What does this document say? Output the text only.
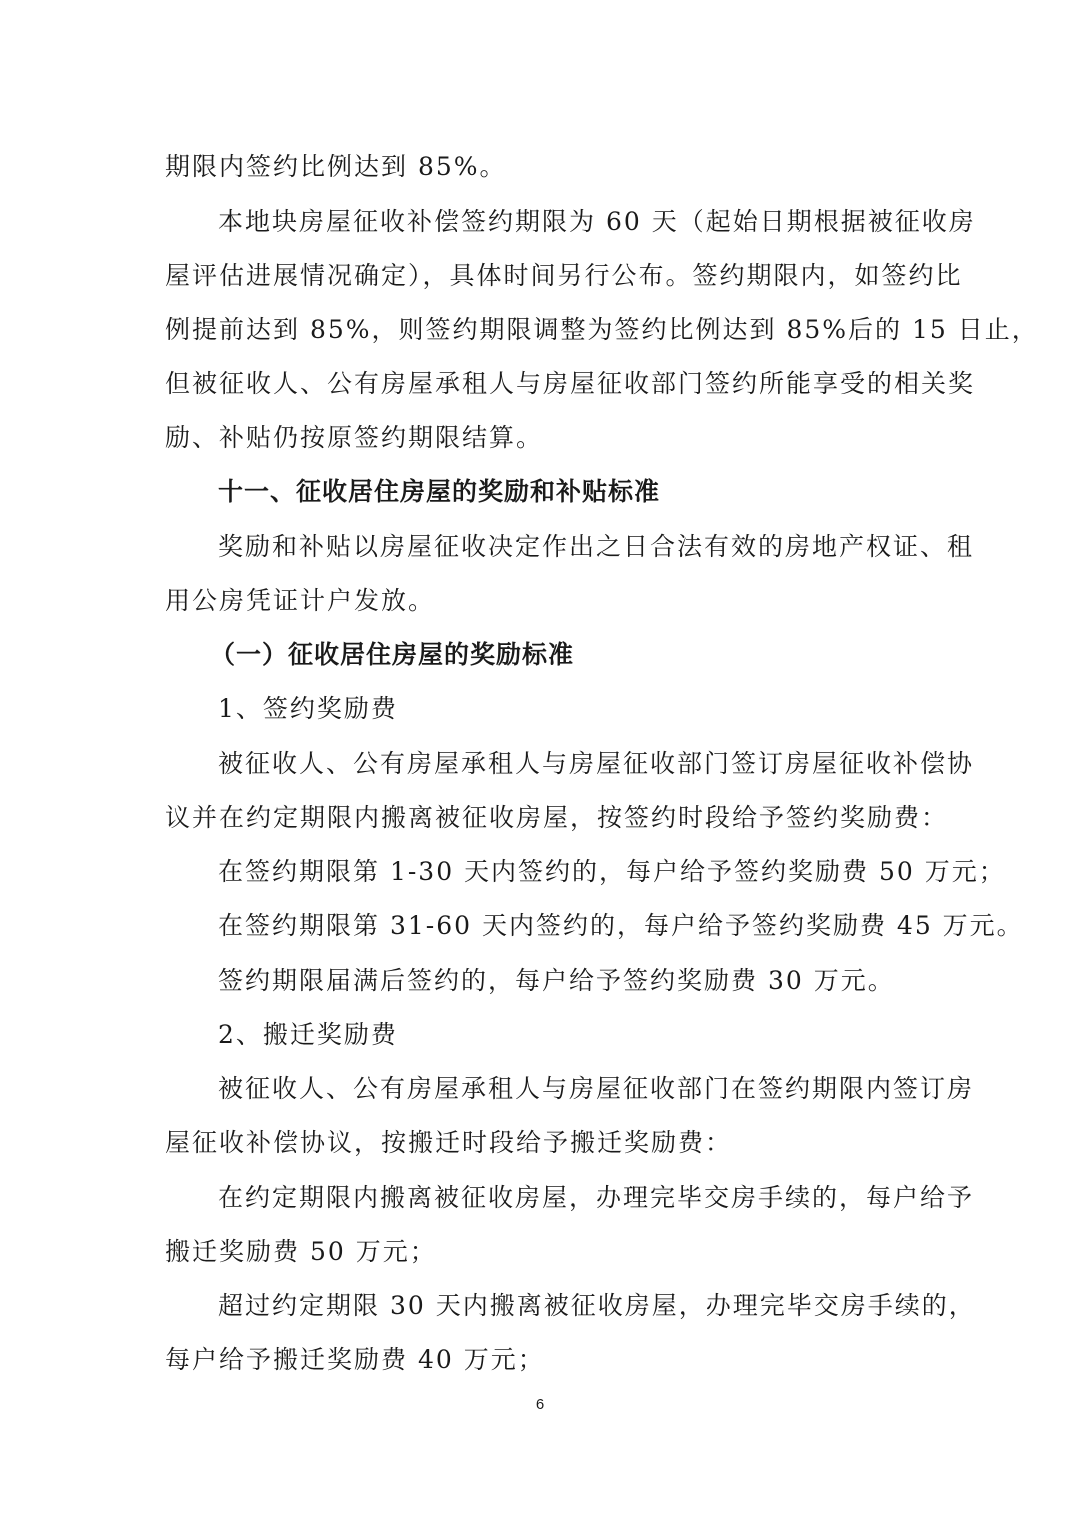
期限内签约比例达到 85%。
本地块房屋征收补偿签约期限为 60 天（起始日期根据被征收房
屋评估进展情况确定），具体时间另行公布。签约期限内，如签约比
例提前达到 85%，则签约期限调整为签约比例达到 85%后的 15 日止，
但被征收人、公有房屋承租人与房屋征收部门签约所能享受的相关奖
励、补贴仍按原签约期限结算。
十一、征收居住房屋的奖励和补贴标准
奖励和补贴以房屋征收决定作出之日合法有效的房地产权证、租
用公房凭证计户发放。
（一）征收居住房屋的奖励标准
1、签约奖励费
被征收人、公有房屋承租人与房屋征收部门签订房屋征收补偿协
议并在约定期限内搬离被征收房屋，按签约时段给予签约奖励费：
在签约期限第 1-30 天内签约的，每户给予签约奖励费 50 万元；
在签约期限第 31-60 天内签约的，每户给予签约奖励费 45 万元。
签约期限届满后签约的，每户给予签约奖励费 30 万元。
2、搬迁奖励费
被征收人、公有房屋承租人与房屋征收部门在签约期限内签订房
屋征收补偿协议，按搬迁时段给予搬迁奖励费：
在约定期限内搬离被征收房屋，办理完毕交房手续的，每户给予
搬迁奖励费 50 万元；
超过约定期限 30 天内搬离被征收房屋，办理完毕交房手续的，
每户给予搬迁奖励费 40 万元；
6
